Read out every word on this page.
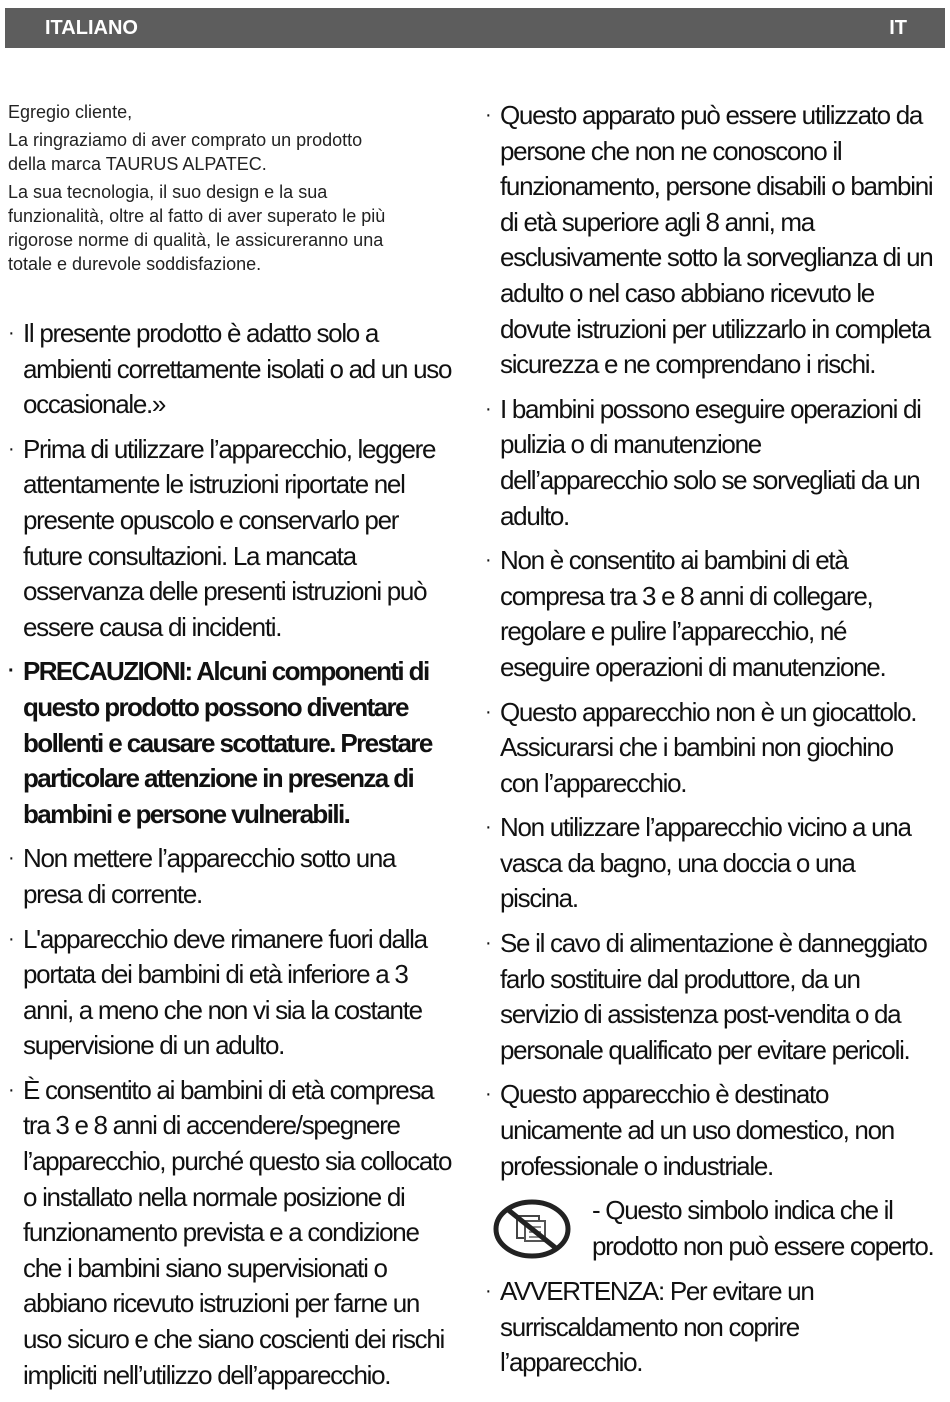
ITALIANO	IT

Egregio cliente,

La ringraziamo di aver comprato un prodotto

della marca TAURUS ALPATEC.

La sua tecnologia, il suo design e la sua

funzionalità, oltre al fatto di aver superato le più

rigorose norme di qualità, le assicureranno una

totale e durevole soddisfazione.

· Il presente prodotto è adatto solo a
ambienti correttamente isolati o ad un uso
occasionale.»
· Prima di utilizzare l’apparecchio, leggere
attentamente le istruzioni riportate nel
presente opuscolo e conservarlo per
future consultazioni. La mancata
osservanza delle presenti istruzioni può
essere causa di incidenti.
· PRECAUZIONI: Alcuni componenti di
questo prodotto possono diventare
bollenti e causare scottature. Prestare
particolare attenzione in presenza di
bambini e persone vulnerabili.
· Non mettere l’apparecchio sotto una
presa di corrente.
· L'apparecchio deve rimanere fuori dalla
portata dei bambini di età inferiore a 3
anni, a meno che non vi sia la costante
supervisione di un adulto.
· È consentito ai bambini di età compresa
tra 3 e 8 anni di accendere/spegnere
l’apparecchio, purché questo sia collocato
o installato nella normale posizione di
funzionamento prevista e a condizione
che i bambini siano supervisionati o
abbiano ricevuto istruzioni per farne un
uso sicuro e che siano coscienti dei rischi
impliciti nell’utilizzo dell’apparecchio.
· Questo apparato può essere utilizzato da
persone che non ne conoscono il
funzionamento, persone disabili o bambini
di età superiore agli 8 anni, ma
esclusivamente sotto la sorveglianza di un
adulto o nel caso abbiano ricevuto le
dovute istruzioni per utilizzarlo in completa
sicurezza e ne comprendano i rischi.
· I bambini possono eseguire operazioni di
pulizia o di manutenzione
dell’apparecchio solo se sorvegliati da un
adulto.
· Non è consentito ai bambini di età
compresa tra 3 e 8 anni di collegare,
regolare e pulire l’apparecchio, né
eseguire operazioni di manutenzione.
· Questo apparecchio non è un giocattolo.
Assicurarsi che i bambini non giochino
con l’apparecchio.
· Non utilizzare l’apparecchio vicino a una
vasca da bagno, una doccia o una
piscina.
· Se il cavo di alimentazione è danneggiato
farlo sostituire dal produttore, da un
servizio di assistenza post-vendita o da
personale qualificato per evitare pericoli.
· Questo apparecchio è destinato
unicamente ad un uso domestico, non
professionale o industriale.
- Questo simbolo indica che il
prodotto non può essere coperto.
· AVVERTENZA: Per evitare un
surriscaldamento non coprire
l’apparecchio.
